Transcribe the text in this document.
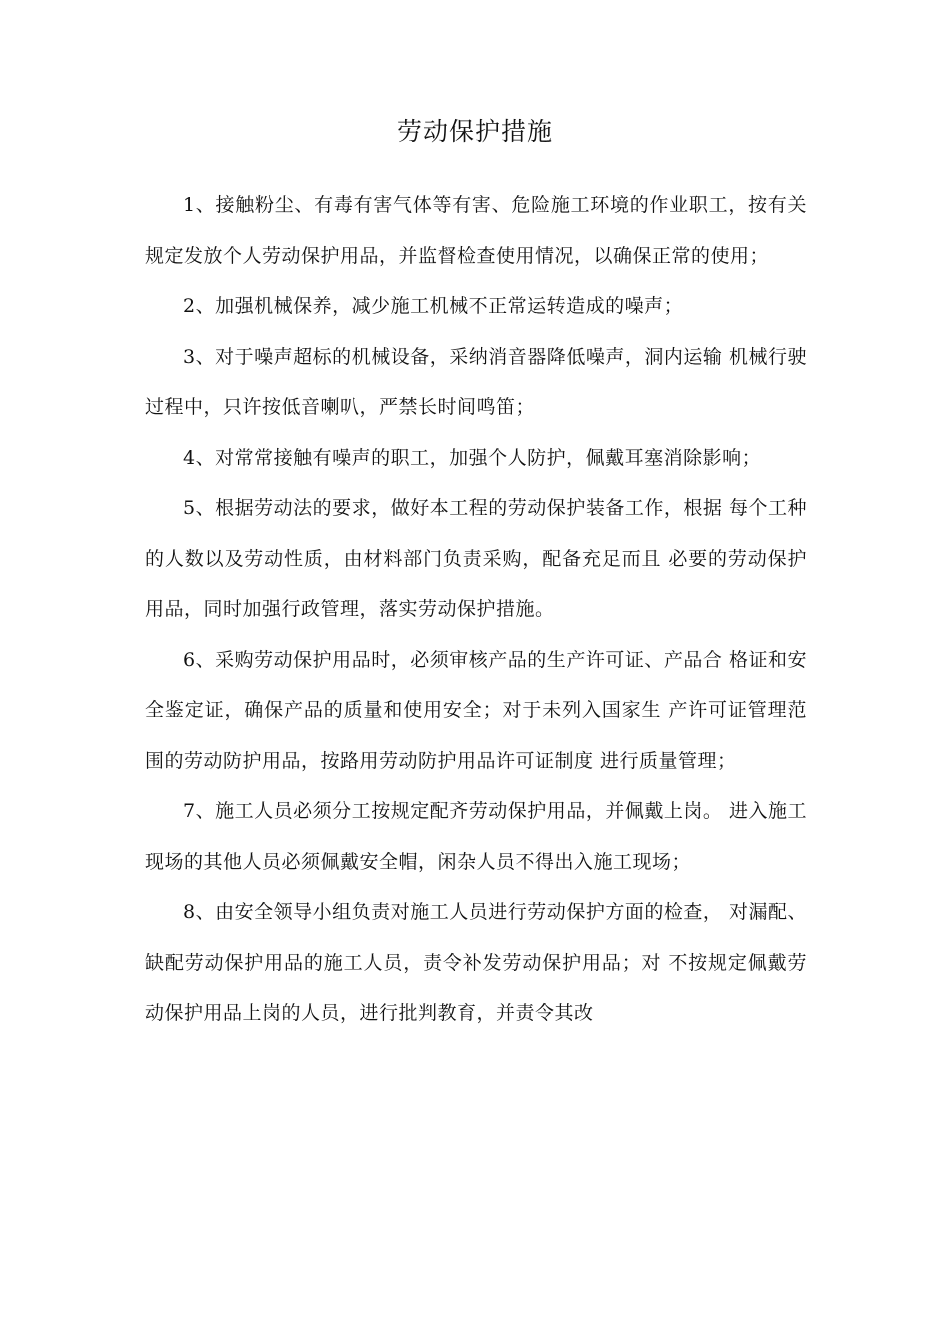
劳动保护措施

1、接触粉尘、有毒有害气体等有害、危险施工环境的作业职工，按有关规定发放个人劳动保护用品，并监督检查使用情况，以确保正常的使用；

2、加强机械保养，减少施工机械不正常运转造成的噪声；

3、对于噪声超标的机械设备，采纳消音器降低噪声，洞内运输 机械行驶过程中，只许按低音喇叭，严禁长时间鸣笛；

4、对常常接触有噪声的职工，加强个人防护，佩戴耳塞消除影响；

5、根据劳动法的要求，做好本工程的劳动保护装备工作，根据 每个工种的人数以及劳动性质，由材料部门负责采购，配备充足而且 必要的劳动保护用品，同时加强行政管理，落实劳动保护措施。

6、采购劳动保护用品时，必须审核产品的生产许可证、产品合 格证和安全鉴定证，确保产品的质量和使用安全；对于未列入国家生 产许可证管理范围的劳动防护用品，按路用劳动防护用品许可证制度 进行质量管理；

7、施工人员必须分工按规定配齐劳动保护用品，并佩戴上岗。 进入施工现场的其他人员必须佩戴安全帽，闲杂人员不得出入施工现场；

8、由安全领导小组负责对施工人员进行劳动保护方面的检查， 对漏配、缺配劳动保护用品的施工人员，责令补发劳动保护用品；对 不按规定佩戴劳动保护用品上岗的人员，进行批判教育，并责令其改
